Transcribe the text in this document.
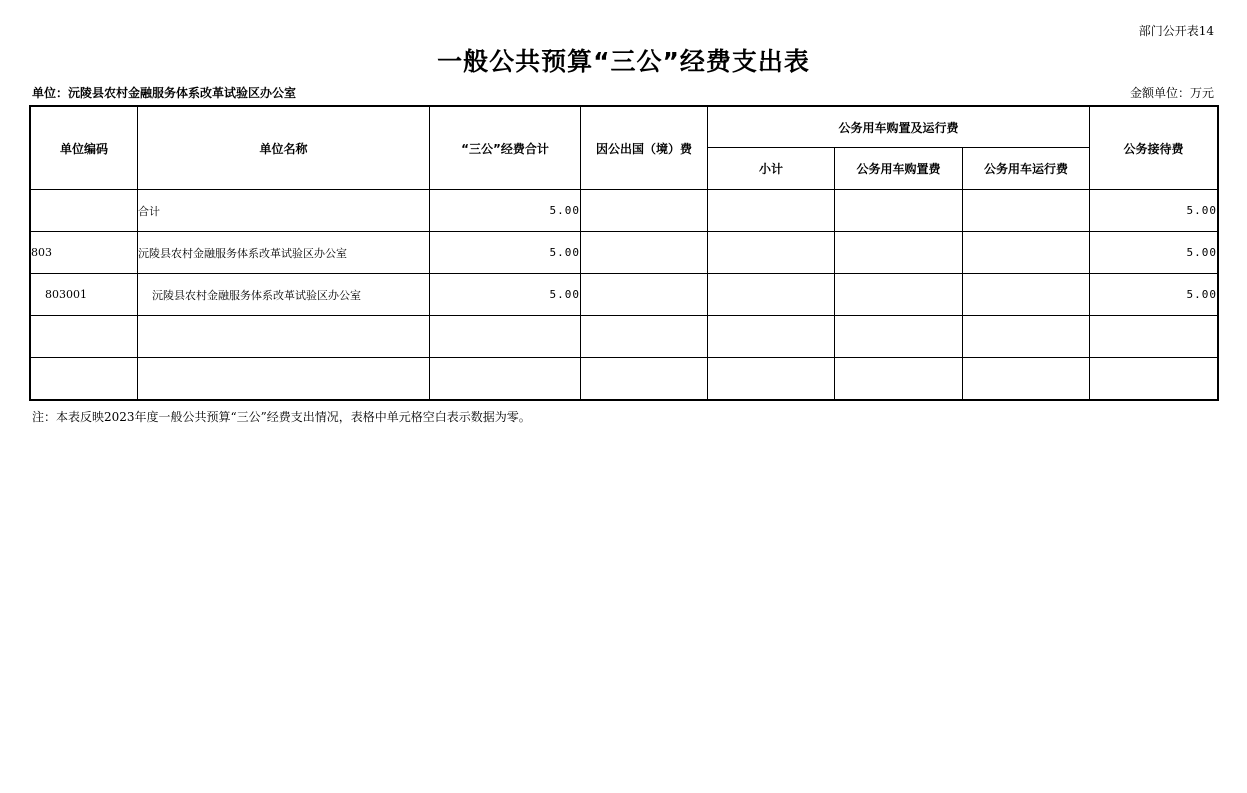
部门公开表14
一般公共预算“三公”经费支出表
单位：沅陵县农村金融服务体系改革试验区办公室	金额单位：万元
单位编码	单位名称	“三公”经费合计	因公出国（境）费	公务用车购置及运行费			公务接待费
				小计	公务用车购置费	公务用车运行费	
	合计	5.00					5.00
803	沅陵县农村金融服务体系改革试验区办公室	5.00					5.00
803001	沅陵县农村金融服务体系改革试验区办公室	5.00					5.00

注：本表反映2023年度一般公共预算“三公”经费支出情况，表格中单元格空白表示数据为零。
